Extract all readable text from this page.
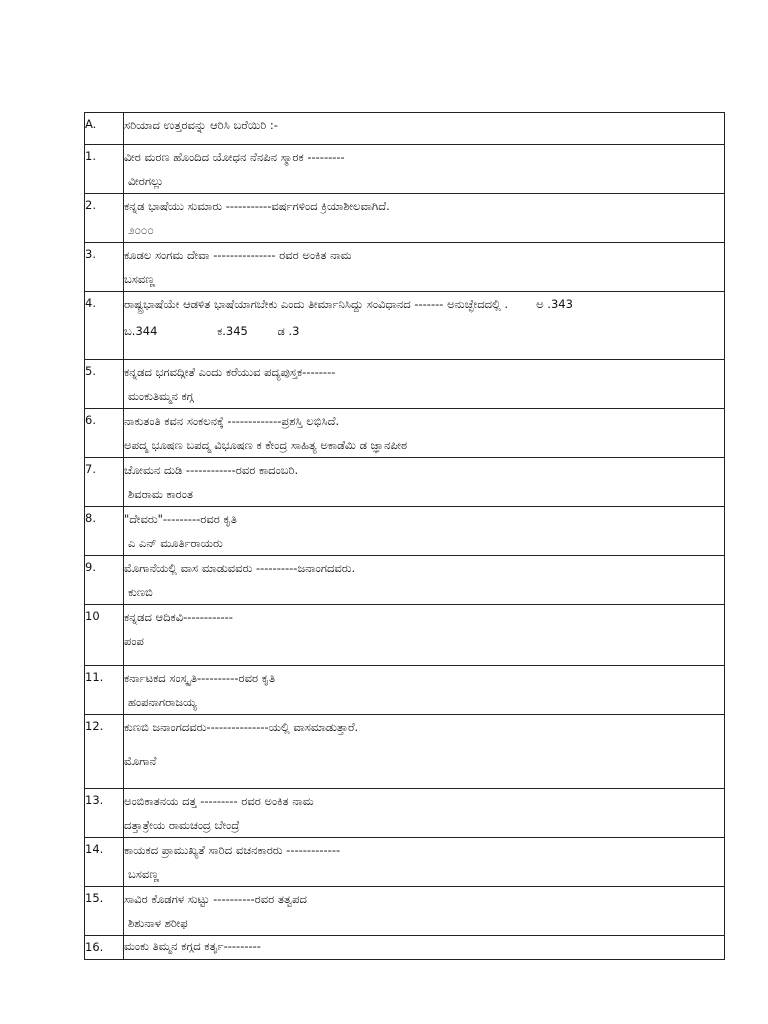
A.	ಸರಿಯಾದ ಉತ್ತರವನ್ನು ಆರಿಸಿ ಬರೆಯಿರಿ :-

1.	ವೀರ ಮರಣ ಹೊಂದಿದ ಯೋಧನ ನೆನಪಿನ ಸ್ಮಾರಕ ---------
ವೀರಗಲ್ಲು

2.	ಕನ್ನಡ ಭಾಷೆಯು ಸುಮಾರು -----------ವರ್ಷಗಳಿಂದ ಕ್ರಿಯಾಶೀಲವಾಗಿದೆ.
೨೦೦೦

3.	ಕೂಡಲ ಸಂಗಮ ದೇವಾ --------------- ರವರ ಅಂಕಿತ ನಾಮ
ಬಸವಣ್ಣ

4.	ರಾಷ್ಟ್ರಭಾಷೆಯೇ ಆಡಳಿತ ಭಾಷೆಯಾಗಬೇಕು ಎಂದು ತೀರ್ಮಾನಿಸಿದ್ದು ಸಂವಿಧಾನದ ------- ಅನುಚ್ಛೇದದಲ್ಲಿ . ಅ .343
ಬ.344 ಕ.345 ಡ .3

5.	ಕನ್ನಡದ ಭಗವದ್ಗೀತೆ ಎಂದು ಕರೆಯುವ ಪದ್ಯಪುಸ್ತಕ--------
ಮಂಕುತಿಮ್ಮನ ಕಗ್ಗ

6.	ನಾಕುತಂತಿ ಕವನ ಸಂಕಲನಕ್ಕೆ -------------ಪ್ರಶಸ್ತಿ ಲಭಿಸಿದೆ.
ಅಪದ್ಮ ಭೂಷಣ ಬಪದ್ಮ ವಿಭೂಷಣ ಕ ಕೇಂದ್ರ ಸಾಹಿತ್ಯ ಅಕಾಡೆಮಿ ಡ ಜ್ಞಾನಪೀಠ

7.	ಚೋಮನ ದುಡಿ ------------ರವರ ಕಾದಂಬರಿ.
ಶಿವರಾಮ ಕಾರಂತ

8.	"ದೇವರು"---------ರವರ ಕೃತಿ
ಎ ಎನ್ ಮೂರ್ತಿರಾಯರು

9.	ಮೊಗಾನೆಯಲ್ಲಿ ವಾಸ ಮಾಡುವವರು ----------ಜನಾಂಗದವರು.
ಕುಣಬಿ

10	ಕನ್ನಡದ ಆದಿಕವಿ------------
ಪಂಪ

11.	ಕರ್ನಾಟಕದ ಸಂಸ್ಕೃತಿ----------ರವರ ಕೃತಿ
ಹಂಪನಾಗರಾಜಯ್ಯ

12.	ಕುಣಬಿ ಜನಾಂಗದವರು---------------ಯಲ್ಲಿ ವಾಸಮಾಡುತ್ತಾರೆ.
ಮೊಗಾನೆ

13.	ಅಂಬಿಕಾತನಯ ದತ್ತ --------- ರವರ ಅಂಕಿತ ನಾಮ
ದತ್ತಾತ್ರೇಯ ರಾಮಚಂದ್ರ ಬೇಂದ್ರೆ

14.	ಕಾಯಕದ ಪ್ರಾಮುಖ್ಯತೆ ಸಾರಿದ ವಚನಕಾರರು -------------
ಬಸವಣ್ಣ

15.	ಸಾವಿರ ಕೊಡಗಳ ಸುಟ್ಟು ----------ರವರ ತತ್ವಪದ
ಶಿಶುನಾಳ ಶರೀಫ

16.	ಮಂಕು ತಿಮ್ಮನ ಕಗ್ಗದ ಕರ್ತೃ---------
